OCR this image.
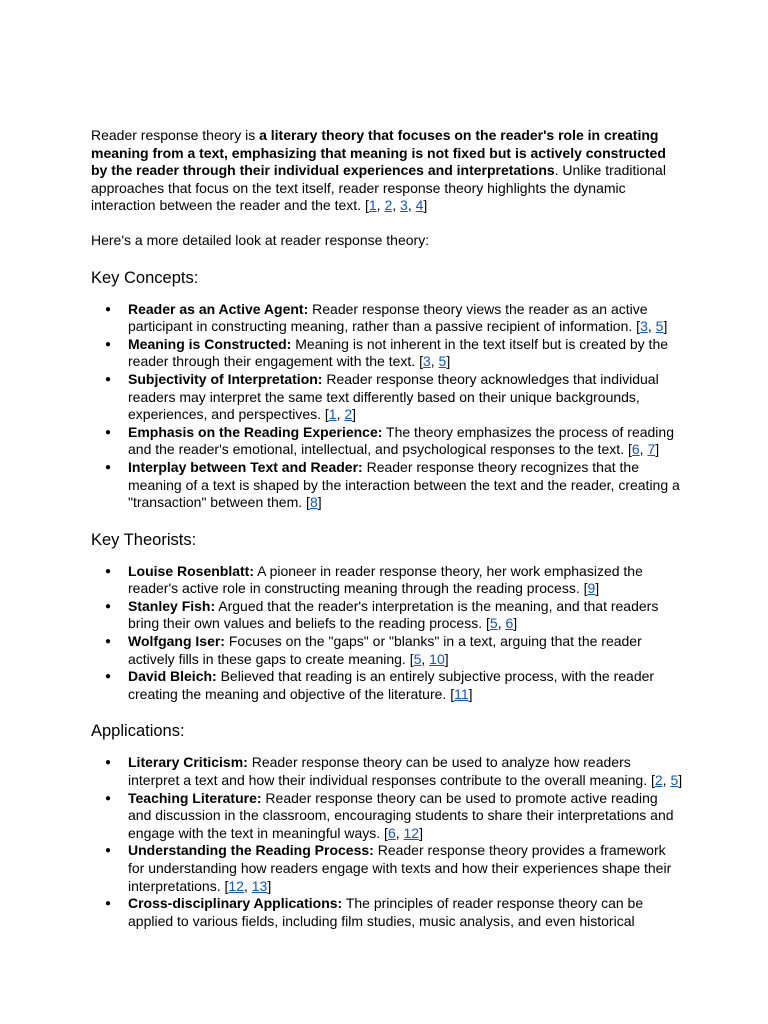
Reader response theory is a literary theory that focuses on the reader's role in creating meaning from a text, emphasizing that meaning is not fixed but is actively constructed by the reader through their individual experiences and interpretations. Unlike traditional approaches that focus on the text itself, reader response theory highlights the dynamic interaction between the reader and the text. [1, 2, 3, 4]

Here's a more detailed look at reader response theory:

Key Concepts:
● Reader as an Active Agent: Reader response theory views the reader as an active participant in constructing meaning, rather than a passive recipient of information. [3, 5]
● Meaning is Constructed: Meaning is not inherent in the text itself but is created by the reader through their engagement with the text. [3, 5]
● Subjectivity of Interpretation: Reader response theory acknowledges that individual readers may interpret the same text differently based on their unique backgrounds, experiences, and perspectives. [1, 2]
● Emphasis on the Reading Experience: The theory emphasizes the process of reading and the reader's emotional, intellectual, and psychological responses to the text. [6, 7]
● Interplay between Text and Reader: Reader response theory recognizes that the meaning of a text is shaped by the interaction between the text and the reader, creating a "transaction" between them. [8]
Key Theorists:
● Louise Rosenblatt: A pioneer in reader response theory, her work emphasized the reader's active role in constructing meaning through the reading process. [9]
● Stanley Fish: Argued that the reader's interpretation is the meaning, and that readers bring their own values and beliefs to the reading process. [5, 6]
● Wolfgang Iser: Focuses on the "gaps" or "blanks" in a text, arguing that the reader actively fills in these gaps to create meaning. [5, 10]
● David Bleich: Believed that reading is an entirely subjective process, with the reader creating the meaning and objective of the literature. [11]
Applications:
● Literary Criticism: Reader response theory can be used to analyze how readers interpret a text and how their individual responses contribute to the overall meaning. [2, 5]
● Teaching Literature: Reader response theory can be used to promote active reading and discussion in the classroom, encouraging students to share their interpretations and engage with the text in meaningful ways. [6, 12]
● Understanding the Reading Process: Reader response theory provides a framework for understanding how readers engage with texts and how their experiences shape their interpretations. [12, 13]
● Cross-disciplinary Applications: The principles of reader response theory can be applied to various fields, including film studies, music analysis, and even historical
